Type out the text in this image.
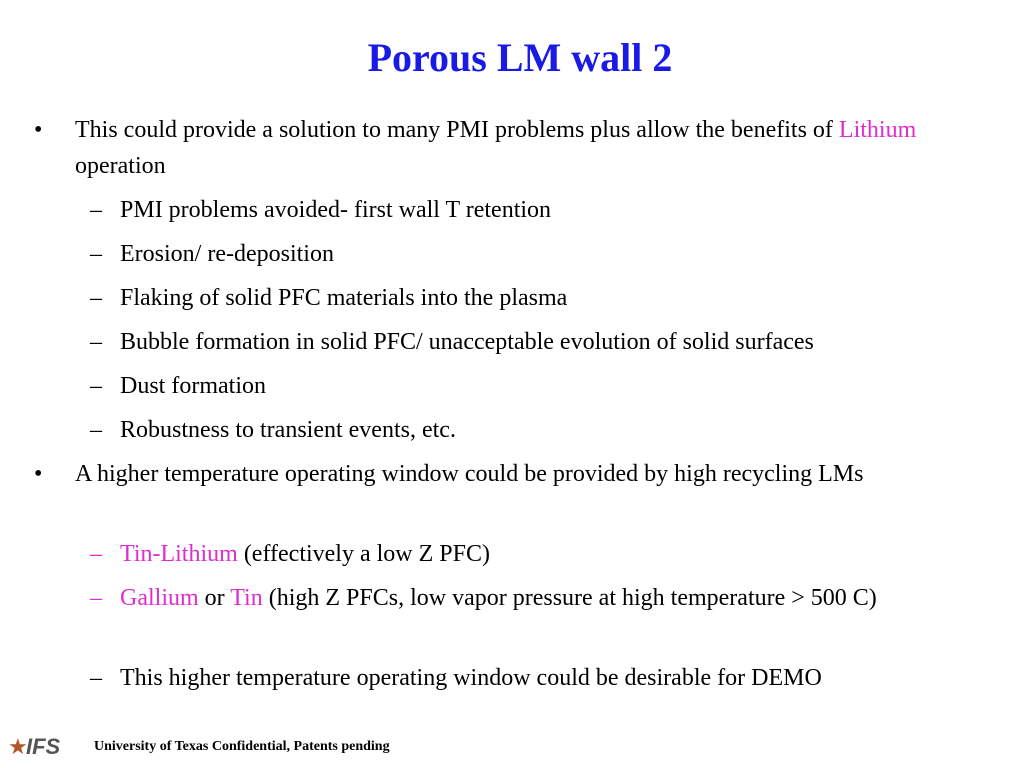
Porous LM wall 2
• This could provide a solution to many PMI problems plus allow the benefits of Lithium operation
– PMI problems avoided- first wall T retention
– Erosion/ re-deposition
– Flaking of solid PFC materials into the plasma
– Bubble formation in solid PFC/ unacceptable evolution of solid surfaces
– Dust formation
– Robustness to transient events, etc.
• A higher temperature operating window could be provided by high recycling LMs
– Tin-Lithium (effectively a low Z PFC)
– Gallium or Tin (high Z PFCs, low vapor pressure at high temperature > 500 C)
– This higher temperature operating window could be desirable for DEMO
★
IFS University of Texas Confidential, Patents pending
